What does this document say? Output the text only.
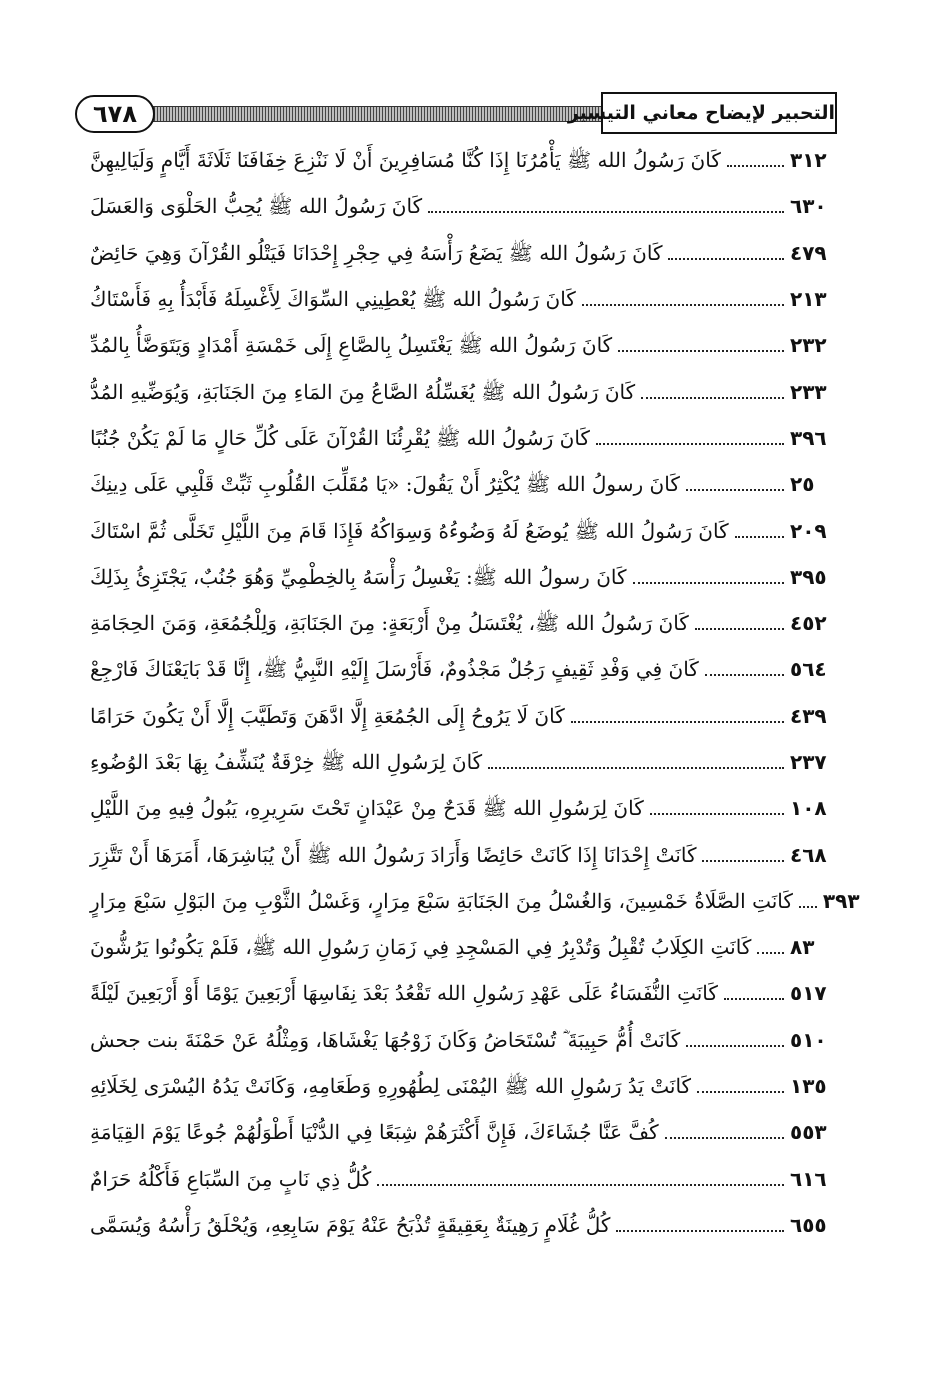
٦٧٨	التحبير لإيضاح معاني التيسير
كَانَ رَسُولُ الله ﷺ يَأْمُرُنَا إِذَا كُنَّا مُسَافِرِينَ أَنْ لَا نَنْزِعَ خِفَافَنَا ثَلَاثَةَ أَيَّامٍ وَلَيَالِيهِنَّ	٣١٢
كَانَ رَسُولُ الله ﷺ يُحِبُّ الحَلْوَى وَالعَسَلَ	٦٣٠
كَانَ رَسُولُ الله ﷺ يَضَعُ رَأْسَهُ فِي حِجْرِ إِحْدَانَا فَيَتْلُو القُرْآنَ وَهِيَ حَائِضٌ	٤٧٩
كَانَ رَسُولُ الله ﷺ يُعْطِينِي السِّوَاكَ لِأَغْسِلَهُ فَأَبْدَأُ بِهِ فَأَسْتَاكُ	٢١٣
كَانَ رَسُولُ الله ﷺ يَغْتَسِلُ بِالصَّاعِ إِلَى خَمْسَةِ أَمْدَادٍ وَيَتَوَضَّأُ بِالمُدِّ	٢٣٢
كَانَ رَسُولُ الله ﷺ يُغَسِّلُهُ الصَّاعُ مِنَ المَاءِ مِنَ الجَنَابَةِ، وَيُوَضِّيهِ المُدُّ	٢٣٣
كَانَ رَسُولُ الله ﷺ يُقْرِئُنَا القُرْآنَ عَلَى كُلِّ حَالٍ مَا لَمْ يَكُنْ جُنُبًا	٣٩٦
كَانَ رسولُ الله ﷺ يُكْثِرُ أَنْ يَقُولَ: «يَا مُقَلِّبَ القُلُوبِ ثَبِّتْ قَلْبِي عَلَى دِينِكَ	٢٥
كَانَ رَسُولُ الله ﷺ يُوضَعُ لَهُ وَضُوءُهُ وَسِوَاكُهُ فَإِذَا قَامَ مِنَ اللَّيْلِ تَخَلَّى ثُمَّ اسْتَاكَ	٢٠٩
كَانَ رسولُ الله ﷺ: يَغْسِلُ رَأْسَهُ بِالخِطْمِيِّ وَهُوَ جُنُبٌ، يَجْتَزِئُ بِذَلِكَ	٣٩٥
كَانَ رَسُولُ الله ﷺ، يُغْتَسَلُ مِنْ أَرْبَعَةٍ: مِنَ الجَنَابَةِ، وَلِلْجُمُعَةِ، وَمَنَ الحِجَامَةِ	٤٥٢
كَانَ فِي وَفْدِ ثَقِيفٍ رَجُلٌ مَجْذُومٌ، فَأَرْسَلَ إِلَيْهِ النَّبِيُّ ﷺ، إِنَّا قَدْ بَايَعْنَاكَ فَارْجِعْ	٥٦٤
كَانَ لَا يَرُوحُ إِلَى الجُمُعَةِ إِلَّا ادَّهَنَ وَتَطَيَّبَ إِلَّا أَنْ يَكُونَ حَرَامًا	٤٣٩
كَانَ لِرَسُولِ الله ﷺ خِرْقَةٌ يُنَشِّفُ بِهَا بَعْدَ الوُضُوءِ	٢٣٧
كَانَ لِرَسُولِ الله ﷺ قَدَحٌ مِنْ عَيْدَانٍ تَحْتَ سَرِيرِهِ، يَبُولُ فِيهِ مِنَ اللَّيْلِ	١٠٨
كَانَتْ إِحْدَانَا إِذَا كَانَتْ حَائِضًا وَأَرَادَ رَسُولُ الله ﷺ أَنْ يُبَاشِرَهَا، أَمَرَهَا أَنْ تَتَّزِرَ	٤٦٨
كَانَتِ الصَّلَاةُ خَمْسِينَ، وَالغُسْلُ مِنَ الجَنَابَةِ سَبْعَ مِرَارٍ، وَغَسْلُ الثَّوْبِ مِنَ البَوْلِ سَبْعَ مِرَارٍ ٣٩٣
كَانَتِ الكِلَابُ تُقْبِلُ وَتُدْبِرُ فِي المَسْجِدِ فِي زَمَانِ رَسُولِ الله ﷺ، فَلَمْ يَكُونُوا يَرُشُّونَ ٨٣
كَانَتِ النُّفَسَاءُ عَلَى عَهْدِ رَسُولِ الله تَقْعُدُ بَعْدَ نِفَاسِهَا أَرْبَعِينَ يَوْمًا أَوْ أَرْبَعِينَ لَيْلَةً	٥١٧
كَانَتْ أُمُّ حَبِيبَةَ ؓ تُسْتَحَاضُ وَكَانَ زَوْجُهَا يَغْشَاهَا، وَمِثْلُهُ عَنْ حَمْنَةَ بنت جحش	٥١٠
كَانَتْ يَدُ رَسُولِ الله ﷺ اليُمْنَى لِطُهُورِهِ وَطَعَامِهِ، وَكَانَتْ يَدُهُ اليُسْرَى لِخَلَائِهِ	١٣٥
كُفَّ عَنَّا جُشَاءَكَ، فَإِنَّ أَكْثَرَهُمْ شِبَعًا فِي الدُّنْيَا أَطْوَلُهُمْ جُوعًا يَوْمَ القِيَامَةِ	٥٥٣
كُلُّ ذِي نَابٍ مِنَ السِّبَاعِ فَأَكْلُهُ حَرَامٌ	٦١٦
كُلُّ غُلَامٍ رَهِينَةٌ بِعَقِيقَةٍ تُذْبَحُ عَنْهُ يَوْمَ سَابِعِهِ، وَيُحْلَقُ رَأْسُهُ وَيُسَمَّى	٦٥٥
